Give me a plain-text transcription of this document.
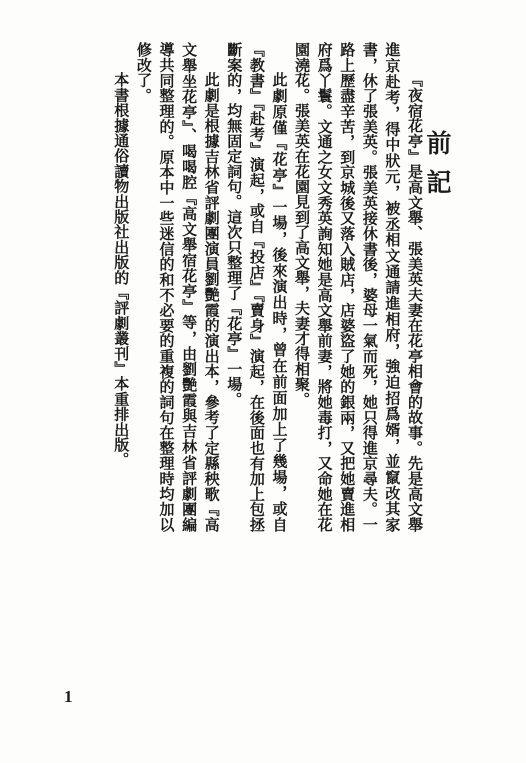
前記

『夜宿花亭』是高文舉、張美英夫妻在花亭相會的故事。先是高文舉進京赴考，得中狀元，被丞相文通請進相府，強迫招爲婿，並竄改其家書，休了張美英。張美英接休書後，婆母一氣而死，她只得進京尋夫。一路上歷盡辛苦，到京城後又落入賊店，店婆盜了她的銀兩，又把她賣進相府爲丫鬟。文通之女文秀英詢知她是高文舉前妻，將她毒打，又命她在花園澆花。張美英在花園見到了高文舉，夫妻才得相聚。

此劇原僅『花亭』一場，後來演出時，曾在前面加上了幾場，或自『教書』『赴考』演起，或自『投店』『賣身』演起，在後面也有加上包拯斷案的，均無固定詞句。這次只整理了『花亭』一場。

此劇是根據吉林省評劇團演員劉艷霞的演出本，參考了定縣秧歌『高文舉坐花亭』、喝喝腔『高文舉宿花亭』等，由劉艷霞與吉林省評劇團編導共同整理的。原本中一些迷信的和不必要的重複的詞句在整理時均加以修改了。

本書根據通俗讀物出版社出版的『評劇叢刊』本重排出版。

1
